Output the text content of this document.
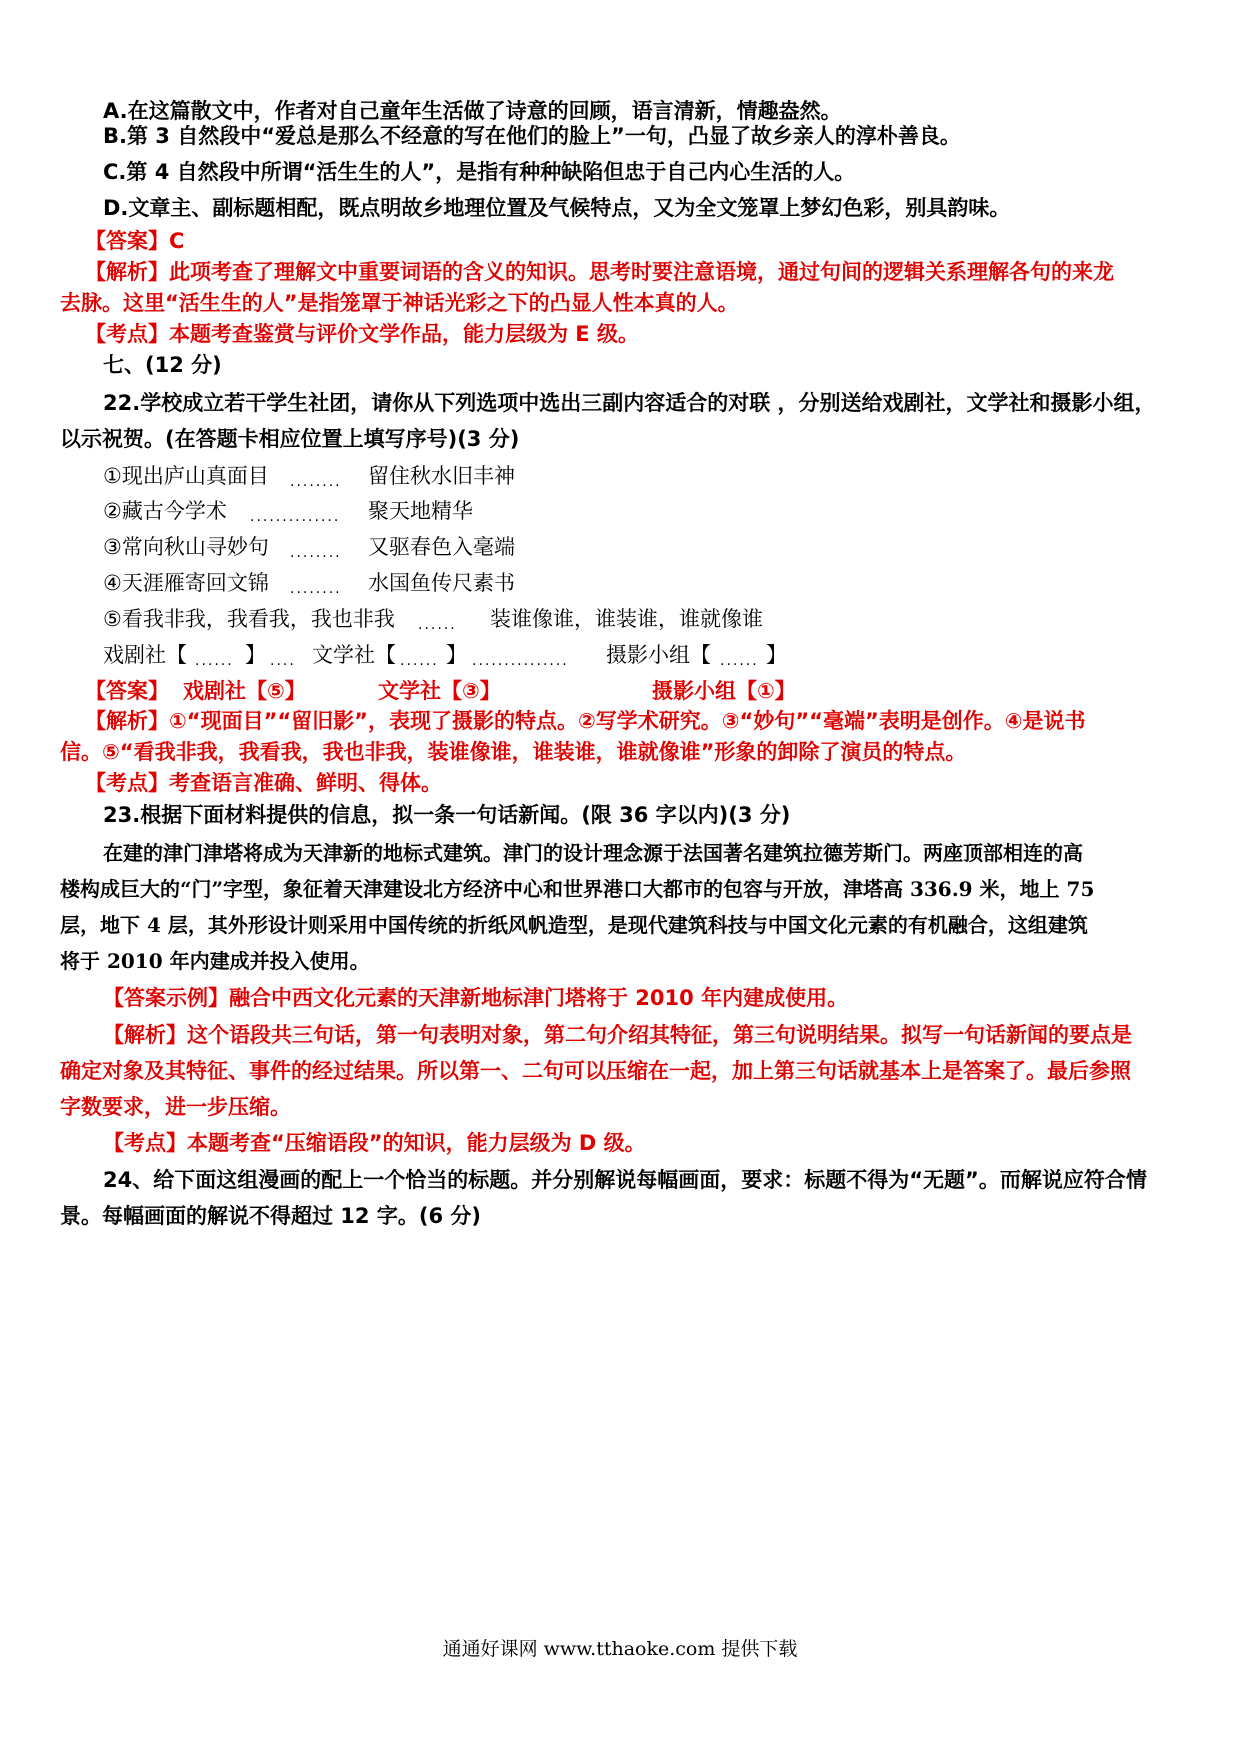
A.在这篇散文中，作者对自己童年生活做了诗意的回顾，语言清新，情趣盎然。
B.第 3 自然段中“爱总是那么不经意的写在他们的脸上”一句，凸显了故乡亲人的淳朴善良。
C.第 4 自然段中所谓“活生生的人”，是指有种种缺陷但忠于自己内心生活的人。
D.文章主、副标题相配，既点明故乡地理位置及气候特点，又为全文笼罩上梦幻色彩，别具韵味。
【答案】C
【解析】此项考查了理解文中重要词语的含义的知识。思考时要注意语境，通过句间的逻辑关系理解各句的来龙
去脉。这里“活生生的人”是指笼罩于神话光彩之下的凸显人性本真的人。
【考点】本题考查鉴赏与评价文学作品，能力层级为 E 级。
七、(12 分)
22.学校成立若干学生社团，请你从下列选项中选出三副内容适合的对联 ，分别送给戏剧社，文学社和摄影小组，
以示祝贺。(在答题卡相应位置上填写序号)(3 分)
①现出庐山真面目 ........ 留住秋水旧丰神
②藏古今学术 .............. 聚天地精华
③常向秋山寻妙句 ........ 又驱春色入毫端
④天涯雁寄回文锦 ........ 水国鱼传尺素书
⑤看我非我，我看我，我也非我 ...... 装谁像谁，谁装谁，谁就像谁
戏剧社【 ...... 】 .... 文学社【 ...... 】 ............... 摄影小组【 ...... 】
【答案】 戏剧社【⑤】	文学社【③】	摄影小组【①】
【解析】①“现面目”“留旧影”，表现了摄影的特点。②写学术研究。③“妙句”“毫端”表明是创作。④是说书
信。⑤“看我非我，我看我，我也非我，装谁像谁，谁装谁，谁就像谁”形象的卸除了演员的特点。
【考点】考查语言准确、鲜明、得体。
23.根据下面材料提供的信息，拟一条一句话新闻。(限 36 字以内)(3 分)
在建的津门津塔将成为天津新的地标式建筑。津门的设计理念源于法国著名建筑拉德芳斯门。两座顶部相连的高
楼构成巨大的“门”字型，象征着天津建设北方经济中心和世界港口大都市的包容与开放，津塔高 336.9 米，地上 75
层，地下 4 层，其外形设计则采用中国传统的折纸风帆造型，是现代建筑科技与中国文化元素的有机融合，这组建筑
将于 2010 年内建成并投入使用。
【答案示例】融合中西文化元素的天津新地标津门塔将于 2010 年内建成使用。
【解析】这个语段共三句话，第一句表明对象，第二句介绍其特征，第三句说明结果。拟写一句话新闻的要点是
确定对象及其特征、事件的经过结果。所以第一、二句可以压缩在一起，加上第三句话就基本上是答案了。最后参照
字数要求，进一步压缩。
【考点】本题考查“压缩语段”的知识，能力层级为 D 级。
24、给下面这组漫画的配上一个恰当的标题。并分别解说每幅画面，要求：标题不得为“无题”。而解说应符合情
景。每幅画面的解说不得超过 12 字。(6 分)
通通好课网 www.tthaoke.com 提供下载
